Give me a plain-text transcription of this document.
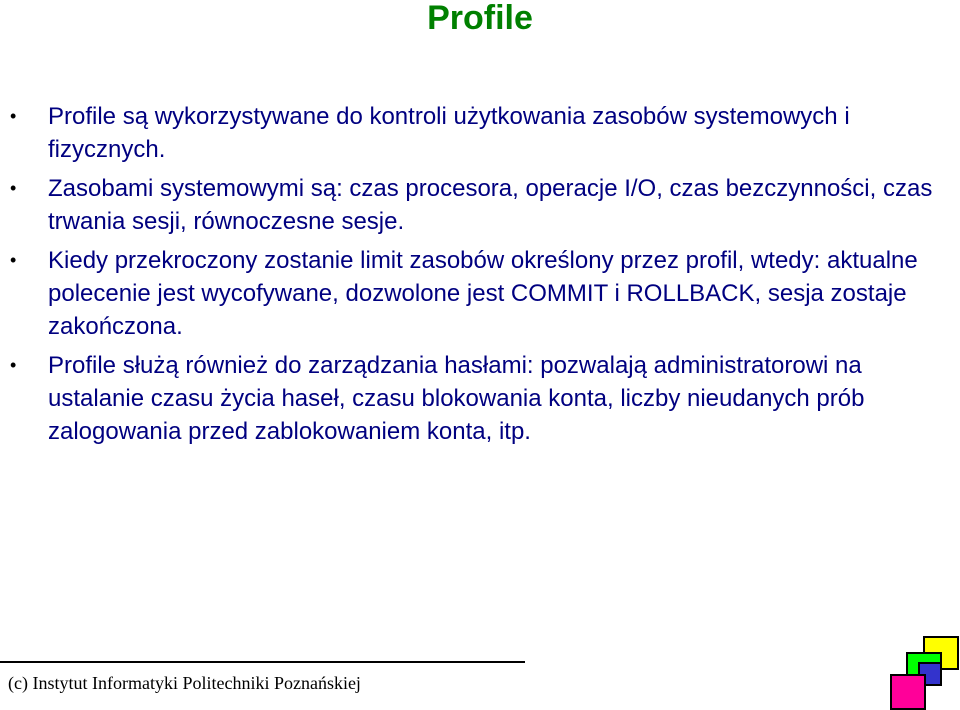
Profile
• Profile są wykorzystywane do kontroli użytkowania zasobów systemowych i fizycznych.
• Zasobami systemowymi są: czas procesora, operacje I/O, czas bezczynności, czas trwania sesji, równoczesne sesje.
• Kiedy przekroczony zostanie limit zasobów określony przez profil, wtedy: aktualne polecenie jest wycofywane, dozwolone jest COMMIT i ROLLBACK, sesja zostaje zakończona.
• Profile służą również do zarządzania hasłami: pozwalają administratorowi na ustalanie czasu życia haseł, czasu blokowania konta, liczby nieudanych prób zalogowania przed zablokowaniem konta, itp.
(c) Instytut Informatyki Politechniki Poznańskiej
